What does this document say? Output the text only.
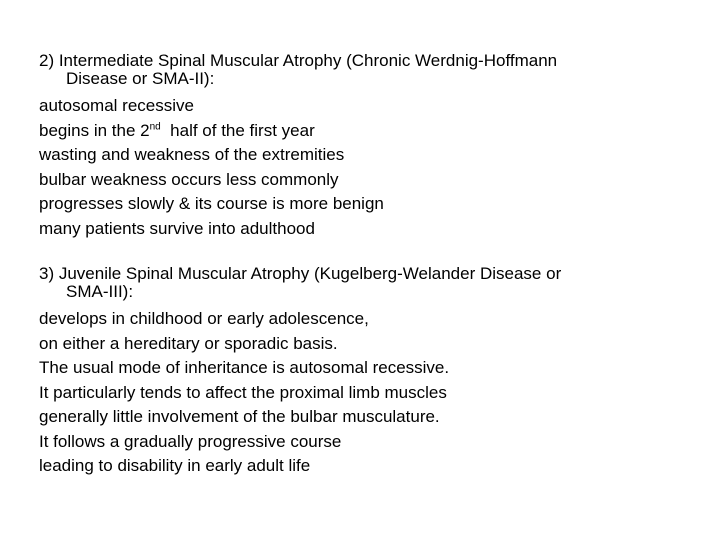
2) Intermediate Spinal Muscular Atrophy (Chronic Werdnig-Hoffmann

Disease or SMA-II):

autosomal recessive

begins in the 2nd  half of the first year

wasting and weakness of the extremities

bulbar weakness occurs less commonly

progresses slowly & its course is more benign

many patients survive into adulthood

3) Juvenile Spinal Muscular Atrophy (Kugelberg-Welander Disease or

SMA-III):

develops in childhood or early adolescence,

on either a hereditary or sporadic basis.

The usual mode of inheritance is autosomal recessive.

It particularly tends to affect the proximal limb muscles

generally little involvement of the bulbar musculature.

It follows a gradually progressive course

leading to disability in early adult life
